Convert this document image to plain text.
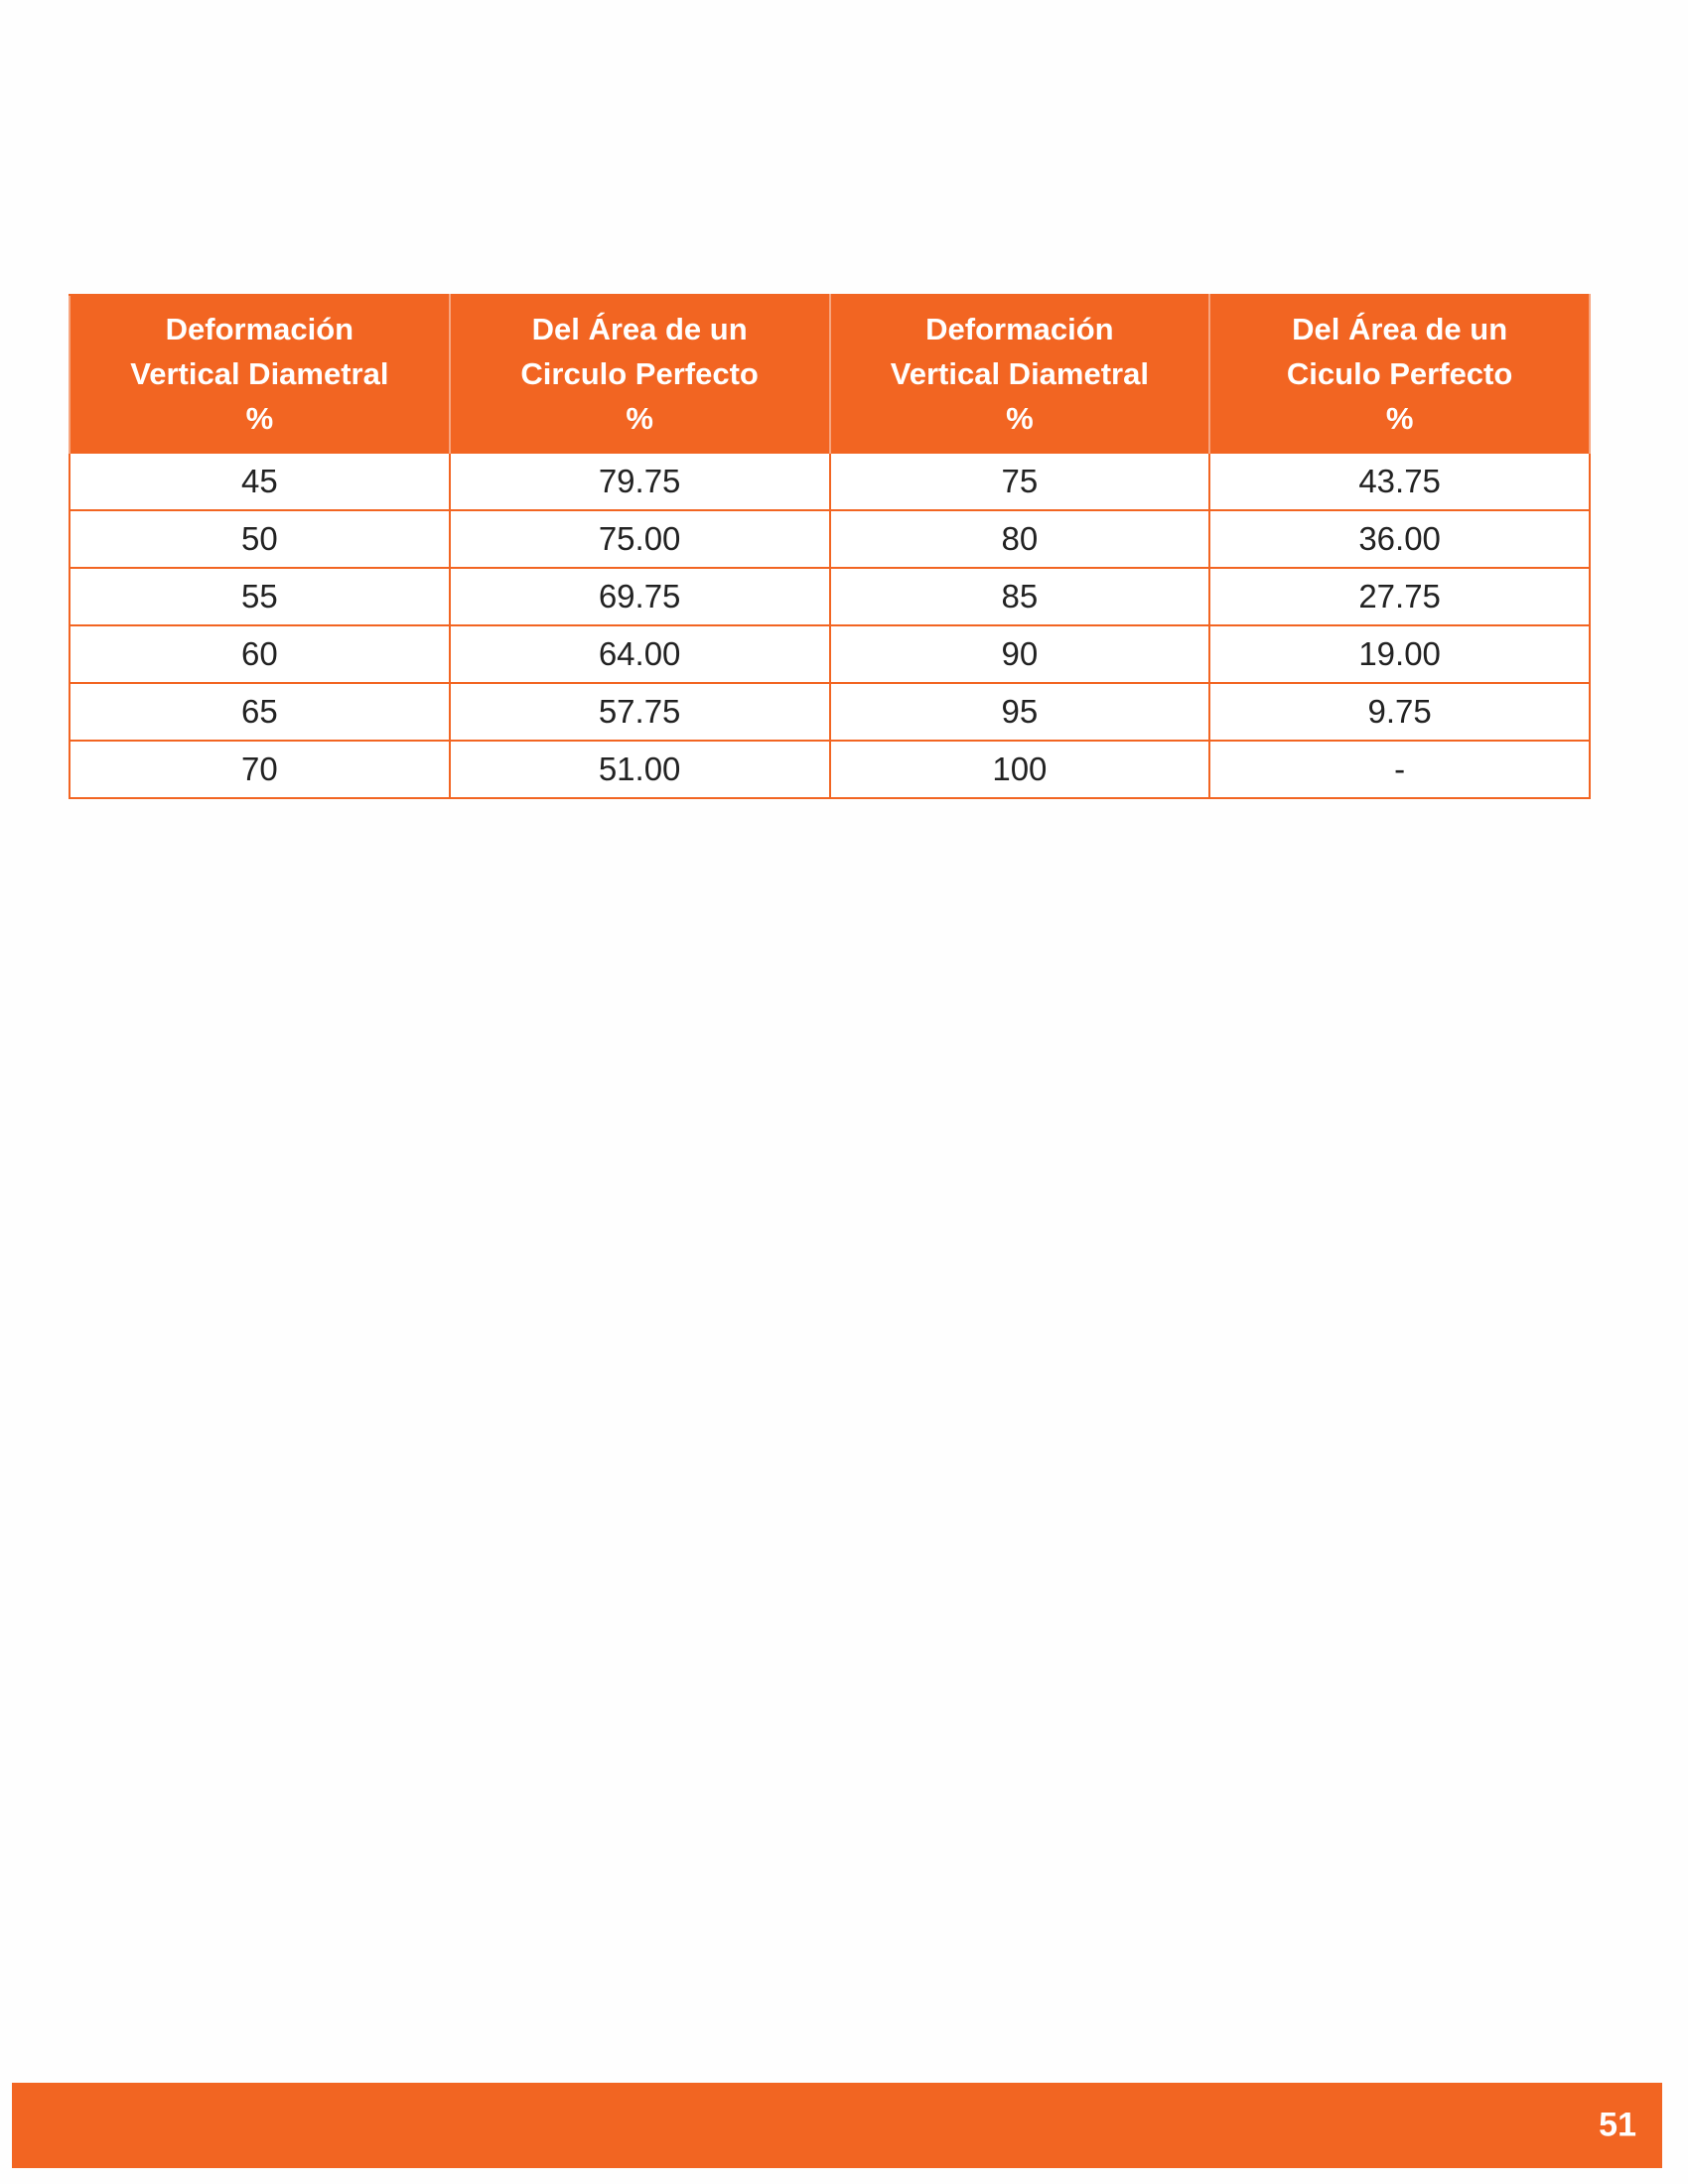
Deformación
Vertical Diametral
%	Del Área de un
Circulo Perfecto
%	Deformación
Vertical Diametral
%	Del Área de un
Ciculo Perfecto
%

45	79.75	75	43.75
50	75.00	80	36.00
55	69.75	85	27.75
60	64.00	90	19.00
65	57.75	95	9.75
70	51.00	100	-
51
